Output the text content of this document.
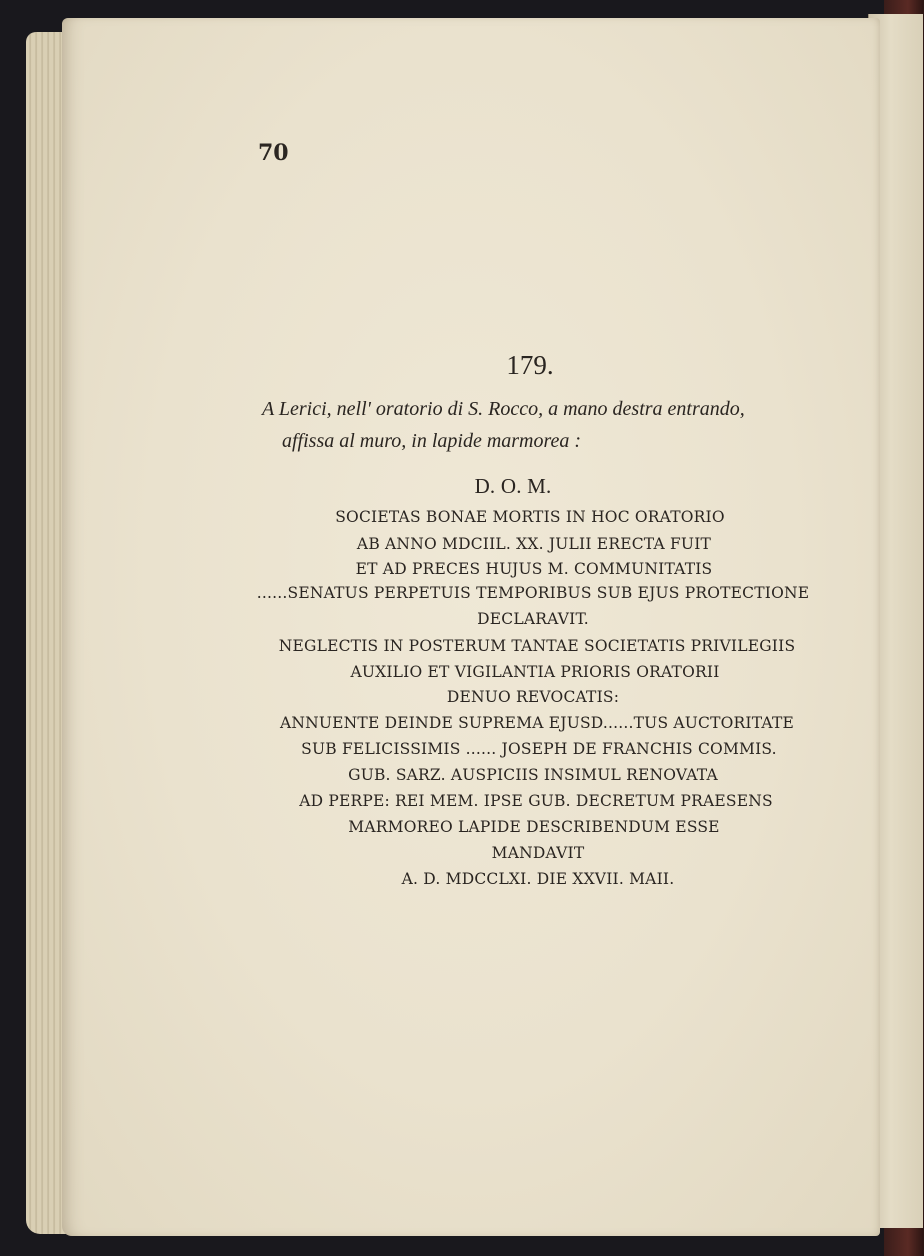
70
179.
A Lerici, nell' oratorio di S. Rocco, a mano destra entrando,
affissa al muro, in lapide marmorea :
D. O. M.
SOCIETAS BONAE MORTIS IN HOC ORATORIO
AB ANNO MDCIIL. XX. JULII ERECTA FUIT
ET AD PRECES HUJUS M. COMMUNITATIS
......SENATUS PERPETUIS TEMPORIBUS SUB EJUS PROTECTIONE
DECLARAVIT.
NEGLECTIS IN POSTERUM TANTAE SOCIETATIS PRIVILEGIIS
AUXILIO ET VIGILANTIA PRIORIS ORATORII
DENUO REVOCATIS:
ANNUENTE DEINDE SUPREMA EJUSD......TUS AUCTORITATE
SUB FELICISSIMIS ...... JOSEPH DE FRANCHIS COMMIS.
GUB. SARZ. AUSPICIIS INSIMUL RENOVATA
AD PERPE: REI MEM. IPSE GUB. DECRETUM PRAESENS
MARMOREO LAPIDE DESCRIBENDUM ESSE
MANDAVIT
A. D. MDCCLXI. DIE XXVII. MAII.
